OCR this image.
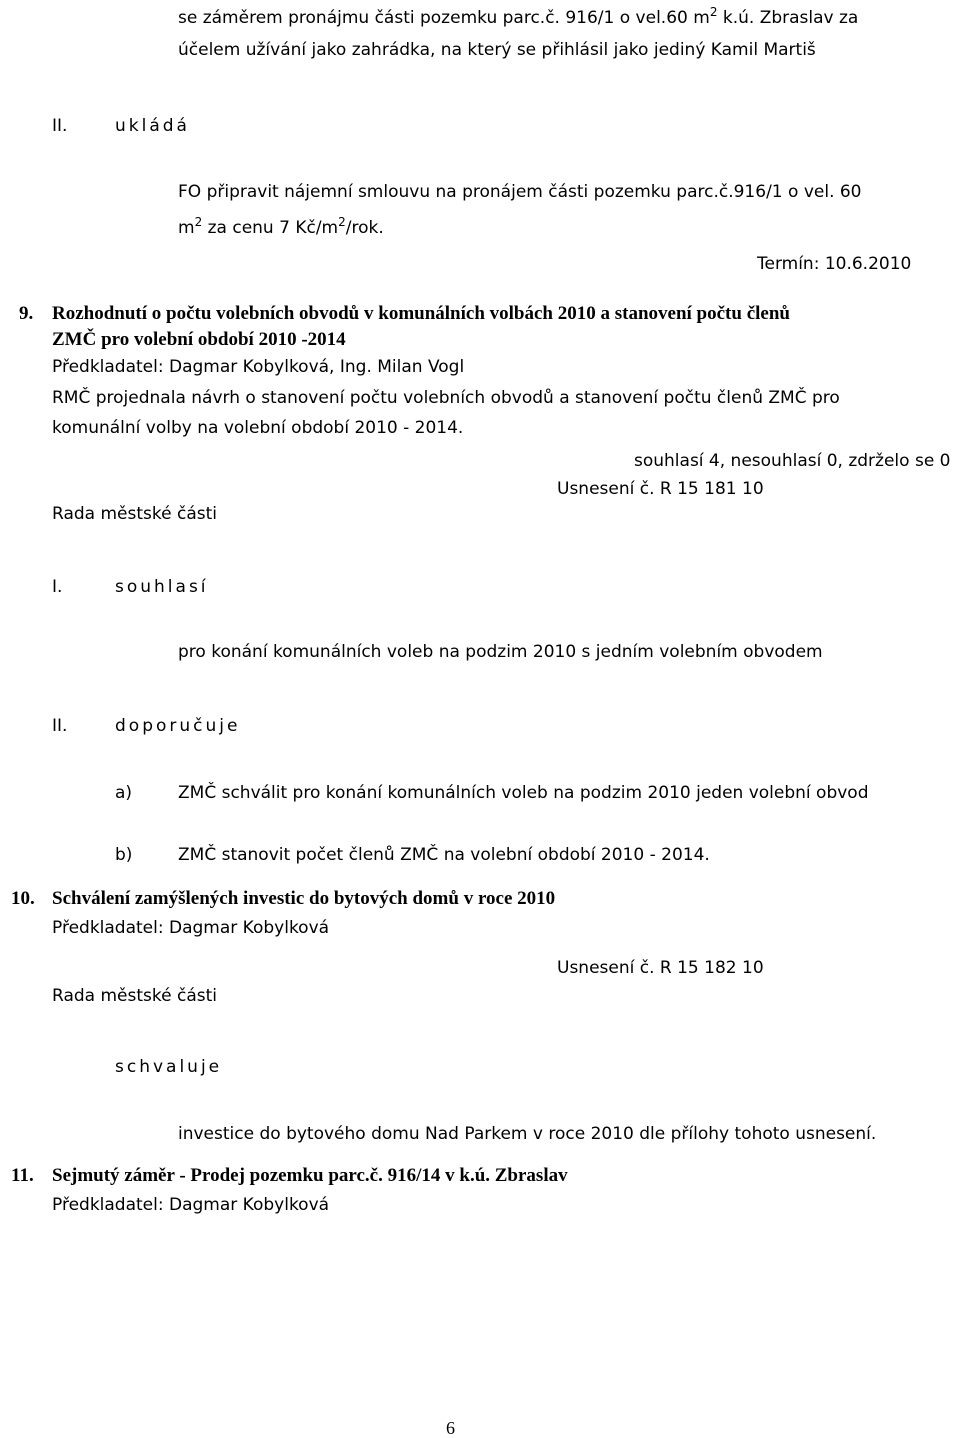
se záměrem pronájmu části pozemku parc.č. 916/1 o vel.60 $m^2$ k.ú. Zbraslav za
účelem užívání jako zahrádka, na který se přihlásil jako jediný Kamil Martiš
II.	ukládá
FO připravit nájemní smlouvu na pronájem části pozemku parc.č.916/1 o vel. 60
$m^2$ za cenu 7 $Kč/m^2$/rok.
Termín: 10.6.2010
9. Rozhodnutí o počtu volebních obvodů v komunálních volbách 2010 a stanovení počtu členů
ZMČ pro volební období 2010 -2014
Předkladatel: Dagmar Kobylková, Ing. Milan Vogl
RMČ projednala návrh o stanovení počtu volebních obvodů a stanovení počtu členů ZMČ pro
komunální volby na volební období 2010 - 2014.
souhlasí 4, nesouhlasí 0, zdrželo se 0
Usnesení č. R 15 181 10
Rada městské části
I.	souhlasí
pro konání komunálních voleb na podzim 2010 s jedním volebním obvodem
II.	doporučuje
a)	ZMČ schválit pro konání komunálních voleb na podzim 2010 jeden volební obvod
b)	ZMČ stanovit počet členů ZMČ na volební období 2010 - 2014.
10. Schválení zamýšlených investic do bytových domů v roce 2010
Předkladatel: Dagmar Kobylková
Usnesení č. R 15 182 10
Rada městské části
schvaluje
investice do bytového domu Nad Parkem v roce 2010 dle přílohy tohoto usnesení.
11. Sejmutý záměr - Prodej pozemku parc.č. 916/14 v k.ú. Zbraslav
Předkladatel: Dagmar Kobylková
6
